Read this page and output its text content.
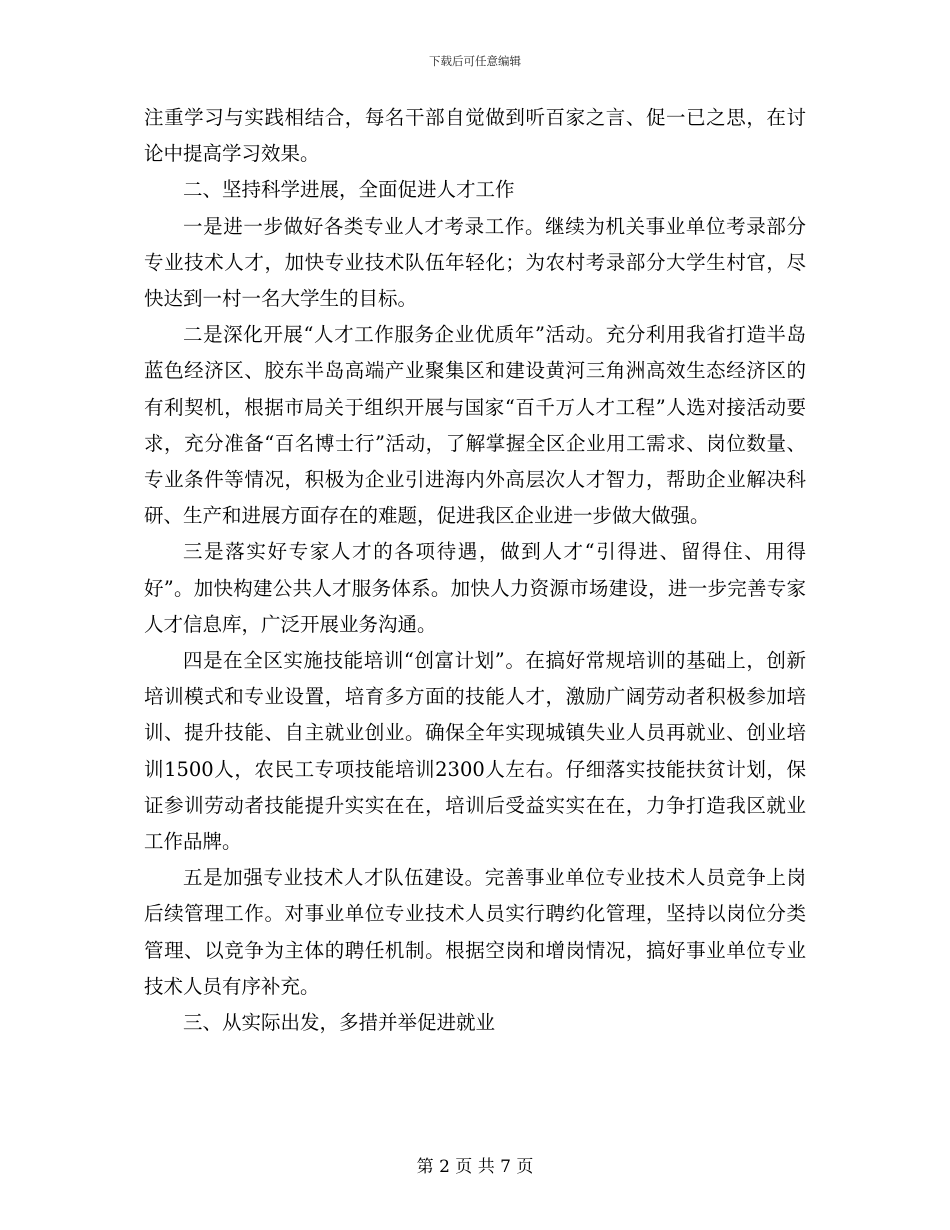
下载后可任意编辑

注重学习与实践相结合，每名干部自觉做到听百家之言、促一已之思，在讨论中提高学习效果。

二、坚持科学进展，全面促进人才工作

一是进一步做好各类专业人才考录工作。继续为机关事业单位考录部分专业技术人才，加快专业技术队伍年轻化；为农村考录部分大学生村官，尽快达到一村一名大学生的目标。

二是深化开展“人才工作服务企业优质年”活动。充分利用我省打造半岛蓝色经济区、胶东半岛高端产业聚集区和建设黄河三角洲高效生态经济区的有利契机，根据市局关于组织开展与国家“百千万人才工程”人选对接活动要求，充分准备“百名博士行”活动，了解掌握全区企业用工需求、岗位数量、专业条件等情况，积极为企业引进海内外高层次人才智力，帮助企业解决科研、生产和进展方面存在的难题，促进我区企业进一步做大做强。

三是落实好专家人才的各项待遇，做到人才“引得进、留得住、用得好”。加快构建公共人才服务体系。加快人力资源市场建设，进一步完善专家人才信息库，广泛开展业务沟通。

四是在全区实施技能培训“创富计划”。在搞好常规培训的基础上，创新培训模式和专业设置，培育多方面的技能人才，激励广阔劳动者积极参加培训、提升技能、自主就业创业。确保全年实现城镇失业人员再就业、创业培训1500人，农民工专项技能培训2300人左右。仔细落实技能扶贫计划，保证参训劳动者技能提升实实在在，培训后受益实实在在，力争打造我区就业工作品牌。

五是加强专业技术人才队伍建设。完善事业单位专业技术人员竞争上岗后续管理工作。对事业单位专业技术人员实行聘约化管理，坚持以岗位分类管理、以竞争为主体的聘任机制。根据空岗和增岗情况，搞好事业单位专业技术人员有序补充。

三、从实际出发，多措并举促进就业

第 2 页 共 7 页
